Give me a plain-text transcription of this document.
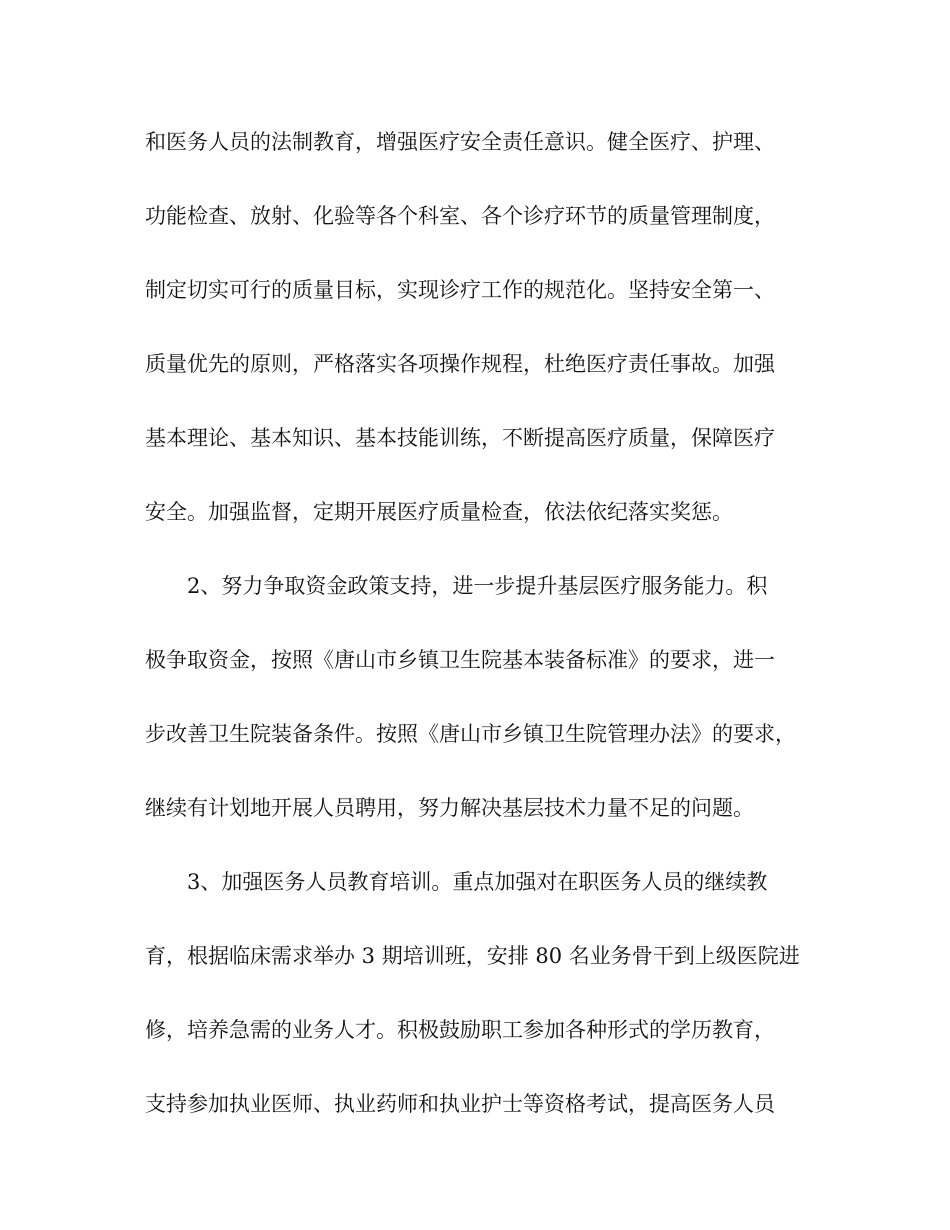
和医务人员的法制教育，增强医疗安全责任意识。健全医疗、护理、
功能检查、放射、化验等各个科室、各个诊疗环节的质量管理制度，
制定切实可行的质量目标，实现诊疗工作的规范化。坚持安全第一、
质量优先的原则，严格落实各项操作规程，杜绝医疗责任事故。加强
基本理论、基本知识、基本技能训练，不断提高医疗质量，保障医疗
安全。加强监督，定期开展医疗质量检查，依法依纪落实奖惩。
2、努力争取资金政策支持，进一步提升基层医疗服务能力。积
极争取资金，按照《唐山市乡镇卫生院基本装备标准》的要求，进一
步改善卫生院装备条件。按照《唐山市乡镇卫生院管理办法》的要求，
继续有计划地开展人员聘用，努力解决基层技术力量不足的问题。
3、加强医务人员教育培训。重点加强对在职医务人员的继续教
育，根据临床需求举办 3 期培训班，安排 80 名业务骨干到上级医院进
修，培养急需的业务人才。积极鼓励职工参加各种形式的学历教育，
支持参加执业医师、执业药师和执业护士等资格考试，提高医务人员
